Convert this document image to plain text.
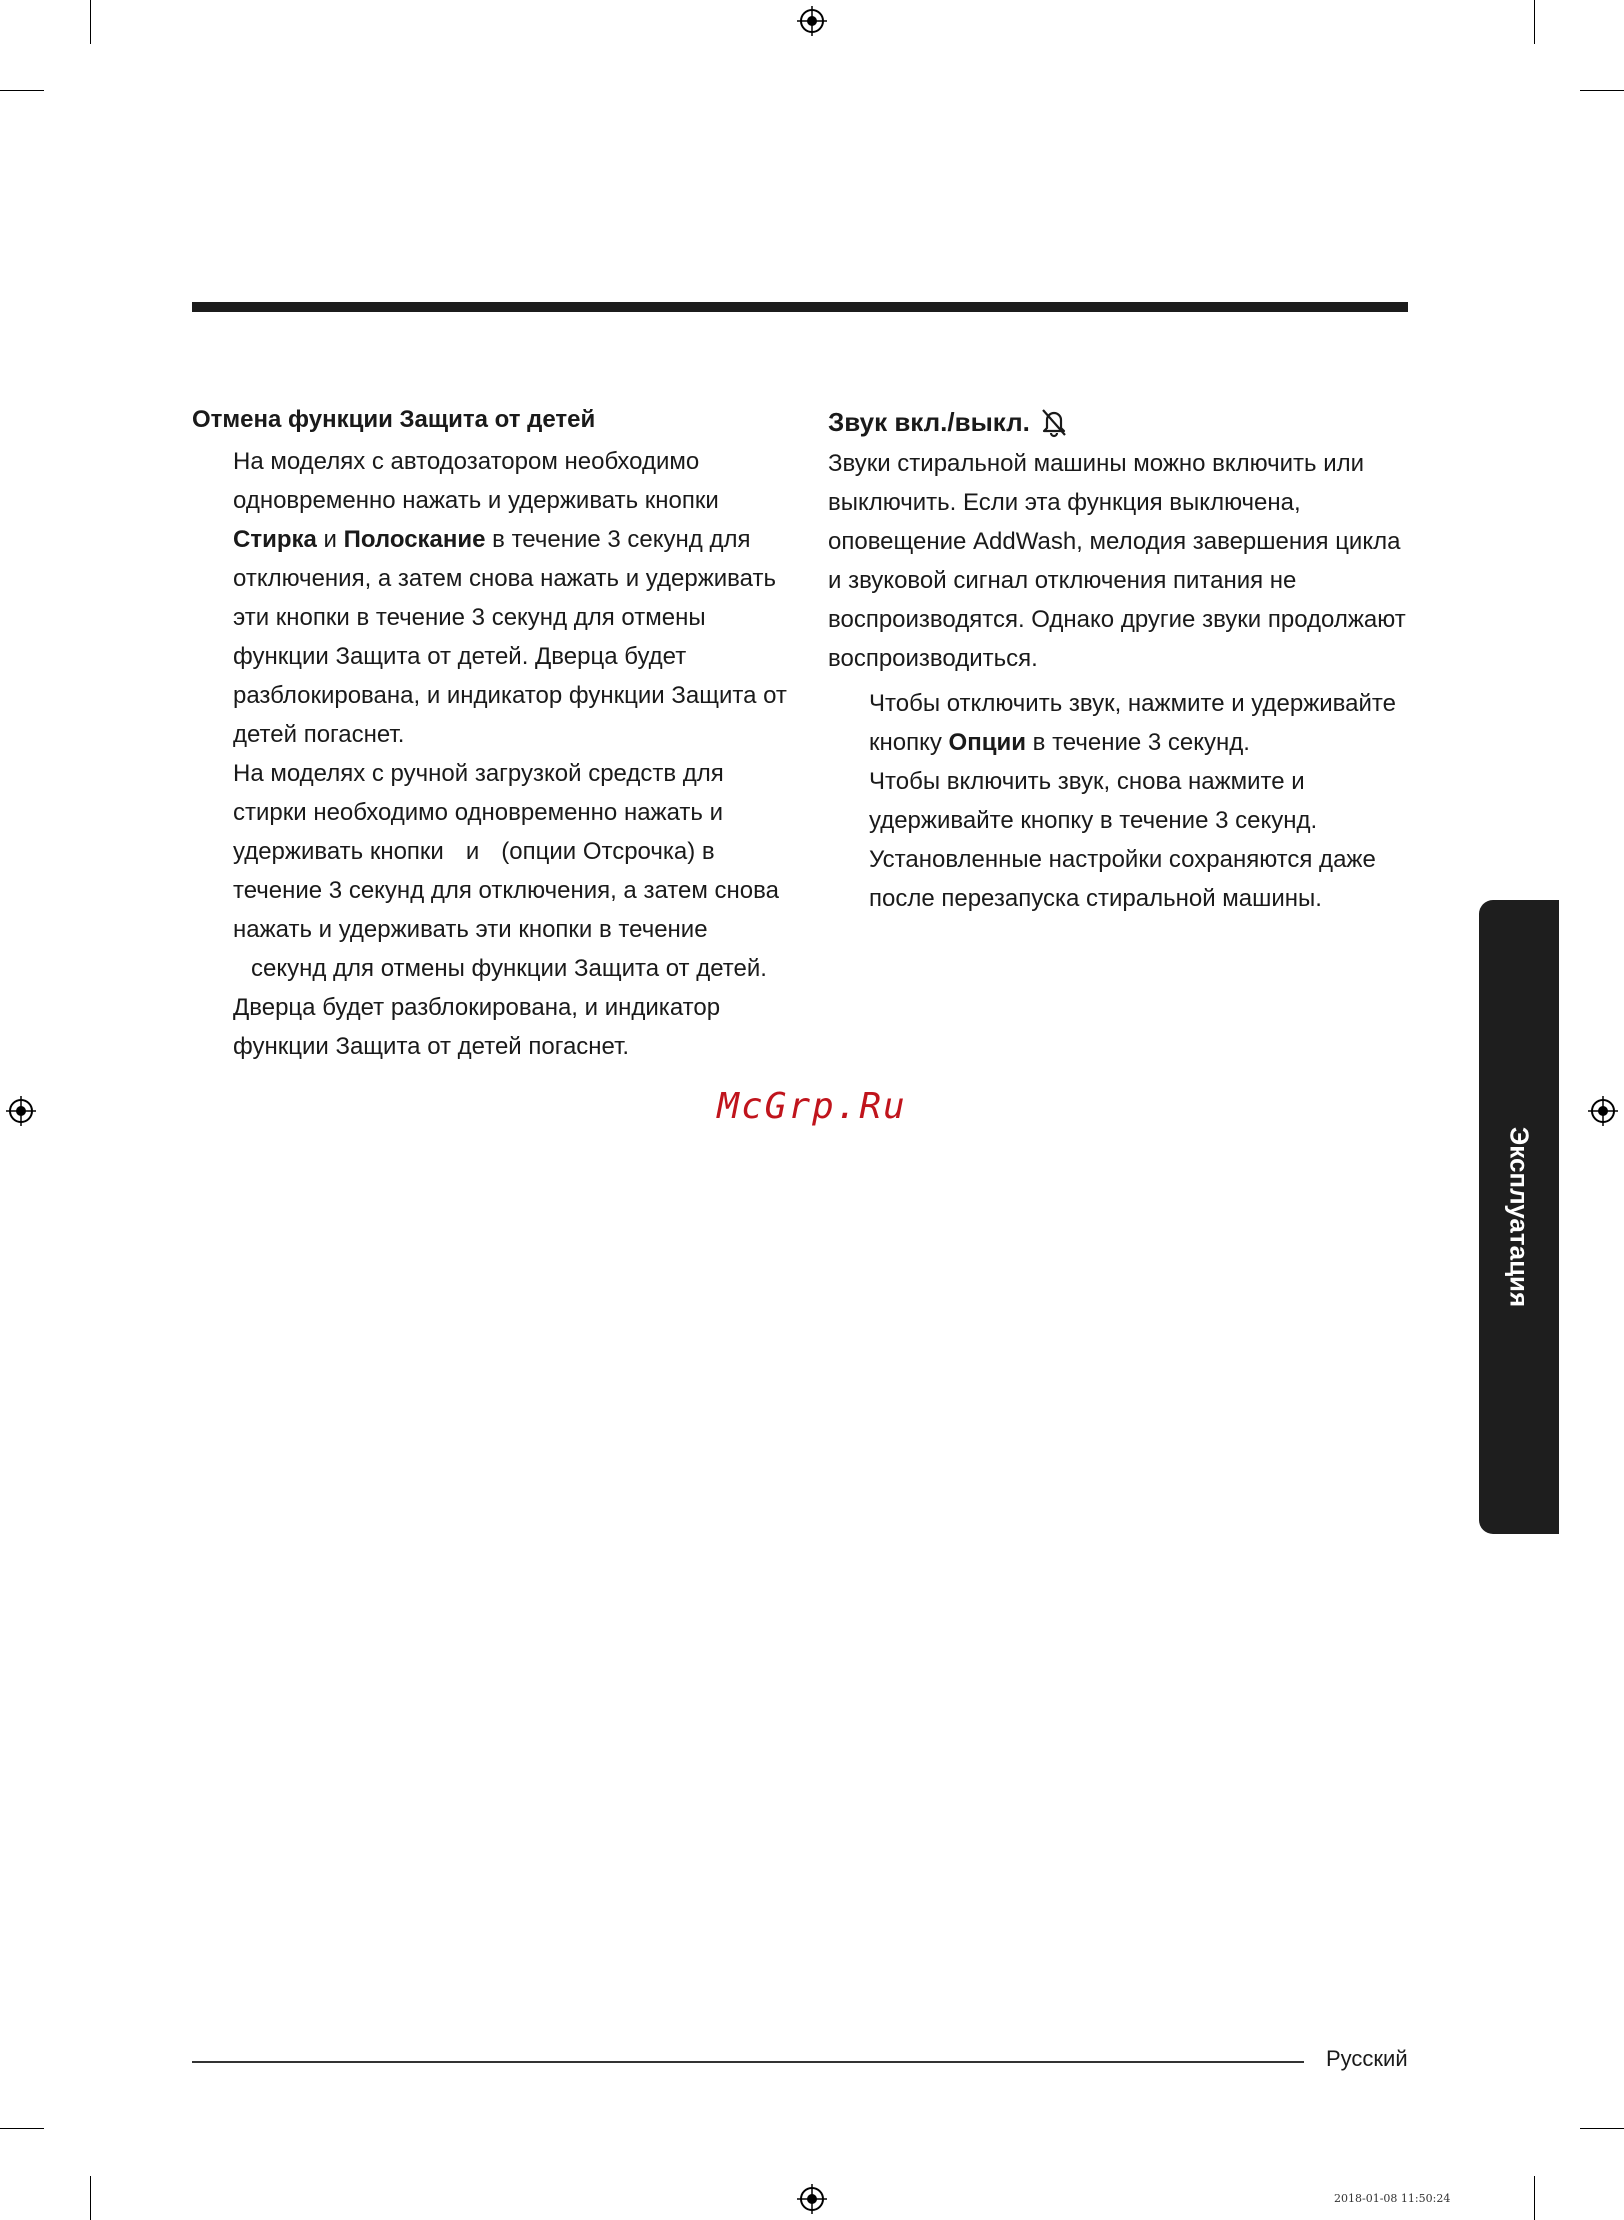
Отмена функции Защита от детей

На моделях с автодозатором необходимо одновременно нажать и удерживать кнопки Стирка и Полоскание в течение 3 секунд для отключения, а затем снова нажать и удерживать эти кнопки в течение 3 секунд для отмены функции Защита от детей. Дверца будет разблокирована, и индикатор функции Защита от детей погаснет.

На моделях с ручной загрузкой средств для стирки необходимо одновременно нажать и удерживать кнопки и (опции Отсрочка) в течение 3 секунд для отключения, а затем снова нажать и удерживать эти кнопки в течение
секунд для отмены функции Защита от детей. Дверца будет разблокирована, и индикатор функции Защита от детей погаснет.

Звук вкл./выкл.

Звуки стиральной машины можно включить или выключить. Если эта функция выключена, оповещение AddWash, мелодия завершения цикла и звуковой сигнал отключения питания не воспроизводятся. Однако другие звуки продолжают воспроизводиться.

Чтобы отключить звук, нажмите и удерживайте кнопку Опции в течение 3 секунд.

Чтобы включить звук, снова нажмите и удерживайте кнопку в течение 3 секунд.

Установленные настройки сохраняются даже после перезапуска стиральной машины.

McGrp.Ru
Эксплуатация
Русский
2018-01-08 11:50:24
